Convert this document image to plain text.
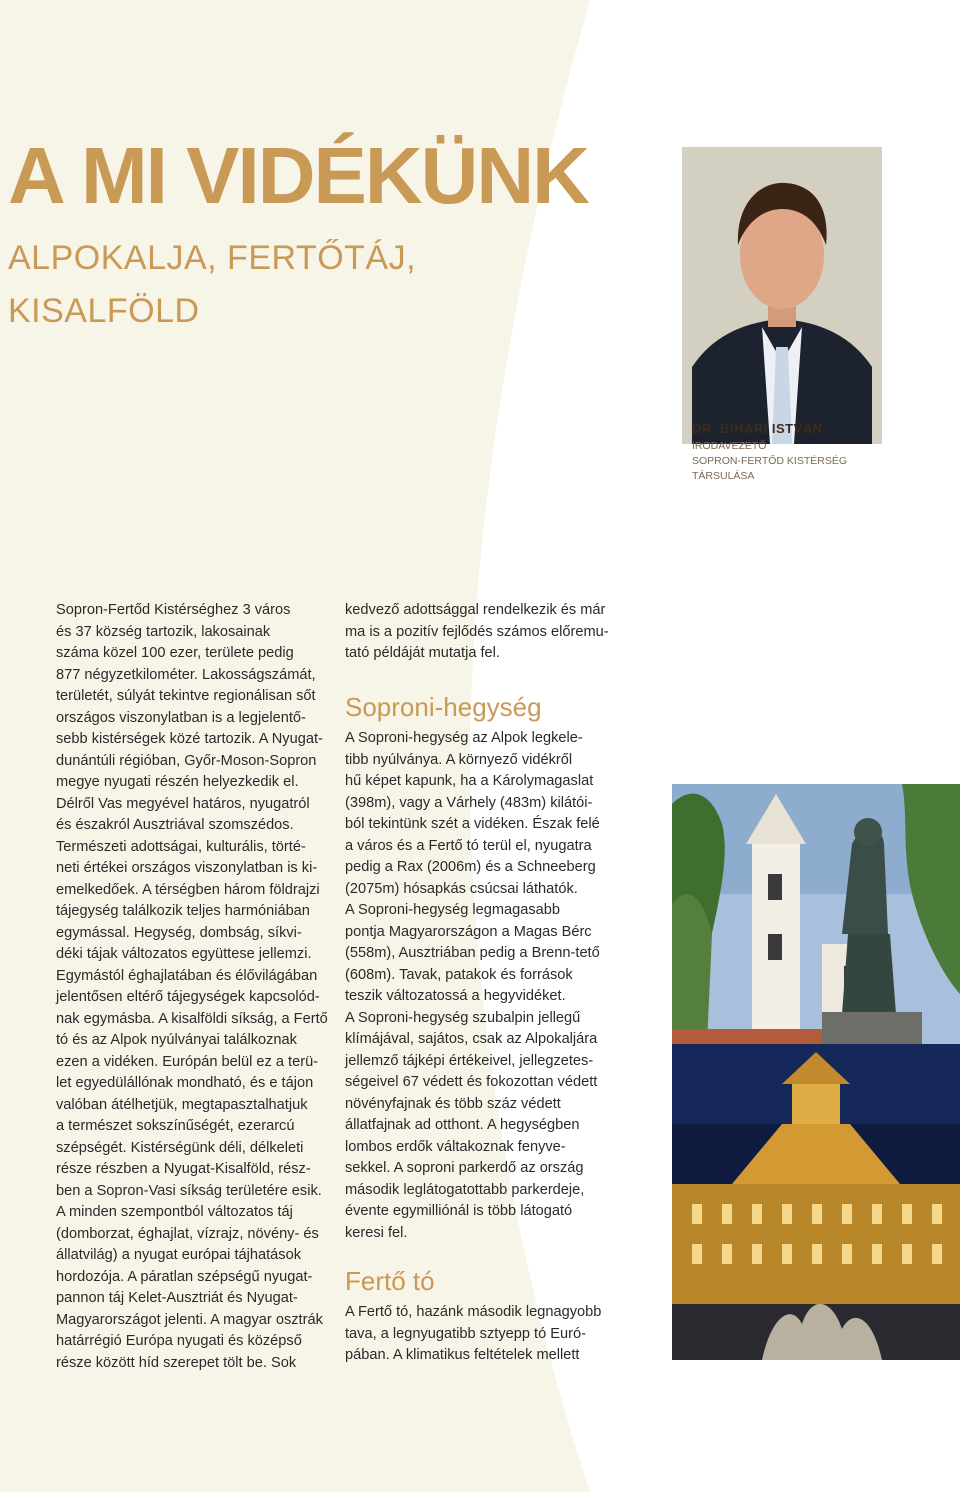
A MI VIDÉKÜNK
ALPOKALJA, FERTŐTÁJ, KISALFÖLD
DR. BIHARI ISTVÁN
IRODAVEZETŐ
SOPRON-FERTŐD KISTÉRSÉG
TÁRSULÁSA

Sopron-Fertőd Kistérséghez 3 város

és 37 község tartozik, lakosainak

száma közel 100 ezer, területe pedig

877 négyzetkilométer. Lakosságszámát,

területét, súlyát tekintve regionálisan sőt

országos viszonylatban is a legjelentő-

sebb kistérségek közé tartozik. A Nyugat-

dunántúli régióban, Győr-Moson-Sopron

megye nyugati részén helyezkedik el.

Délről Vas megyével határos, nyugatról

és északról Ausztriával szomszédos.

Természeti adottságai, kulturális, törté-

neti értékei országos viszonylatban is ki-

emelkedőek. A térségben három földrajzi

tájegység találkozik teljes harmóniában

egymással. Hegység, dombság, síkvi-

déki tájak változatos együttese jellemzi.

Egymástól éghajlatában és élővilágában

jelentősen eltérő tájegységek kapcsolód-

nak egymásba. A kisalföldi síkság, a Fertő

tó és az Alpok nyúlványai találkoznak

ezen a vidéken. Európán belül ez a terü-

let egyedülállónak mondható, és e tájon

valóban átélhetjük, megtapasztalhatjuk

a természet sokszínűségét, ezerarcú

szépségét. Kistérségünk déli, délkeleti

része részben a Nyugat-Kisalföld, rész-

ben a Sopron-Vasi síkság területére esik.

A minden szempontból változatos táj

(domborzat, éghajlat, vízrajz, növény- és

állatvilág) a nyugat európai tájhatások

hordozója. A páratlan szépségű nyugat-

pannon táj Kelet-Ausztriát és Nyugat-

Magyarországot jelenti. A magyar osztrák

határrégió Európa nyugati és középső

része között híd szerepet tölt be. Sok

kedvező adottsággal rendelkezik és már

ma is a pozitív fejlődés számos előremu-

tató példáját mutatja fel.

Soproni-hegység

A Soproni-hegység az Alpok legkele-

tibb nyúlványa. A környező vidékről

hű képet kapunk, ha a Károlymagaslat

(398m), vagy a Várhely (483m) kilátói-

ból tekintünk szét a vidéken. Észak felé

a város és a Fertő tó terül el, nyugatra

pedig a Rax (2006m) és a Schneeberg

(2075m) hósapkás csúcsai láthatók.

A Soproni-hegység legmagasabb

pontja Magyarországon a Magas Bérc

(558m), Ausztriában pedig a Brenn-tető

(608m). Tavak, patakok és források

teszik változatossá a hegyvidéket.

A Soproni-hegység szubalpin jellegű

klímájával, sajátos, csak az Alpokaljára

jellemző tájképi értékeivel, jellegzetes-

ségeivel 67 védett és fokozottan védett

növényfajnak és több száz védett

állatfajnak ad otthont. A hegységben

lombos erdők váltakoznak fenyve-

sekkel. A soproni parkerdő az ország

második leglátogatottabb parkerdeje,

évente egymilliónál is több látogató

keresi fel.

Fertő tó

A Fertő tó, hazánk második legnagyobb

tava, a legnyugatibb sztyepp tó Euró-

pában. A klimatikus feltételek mellett
